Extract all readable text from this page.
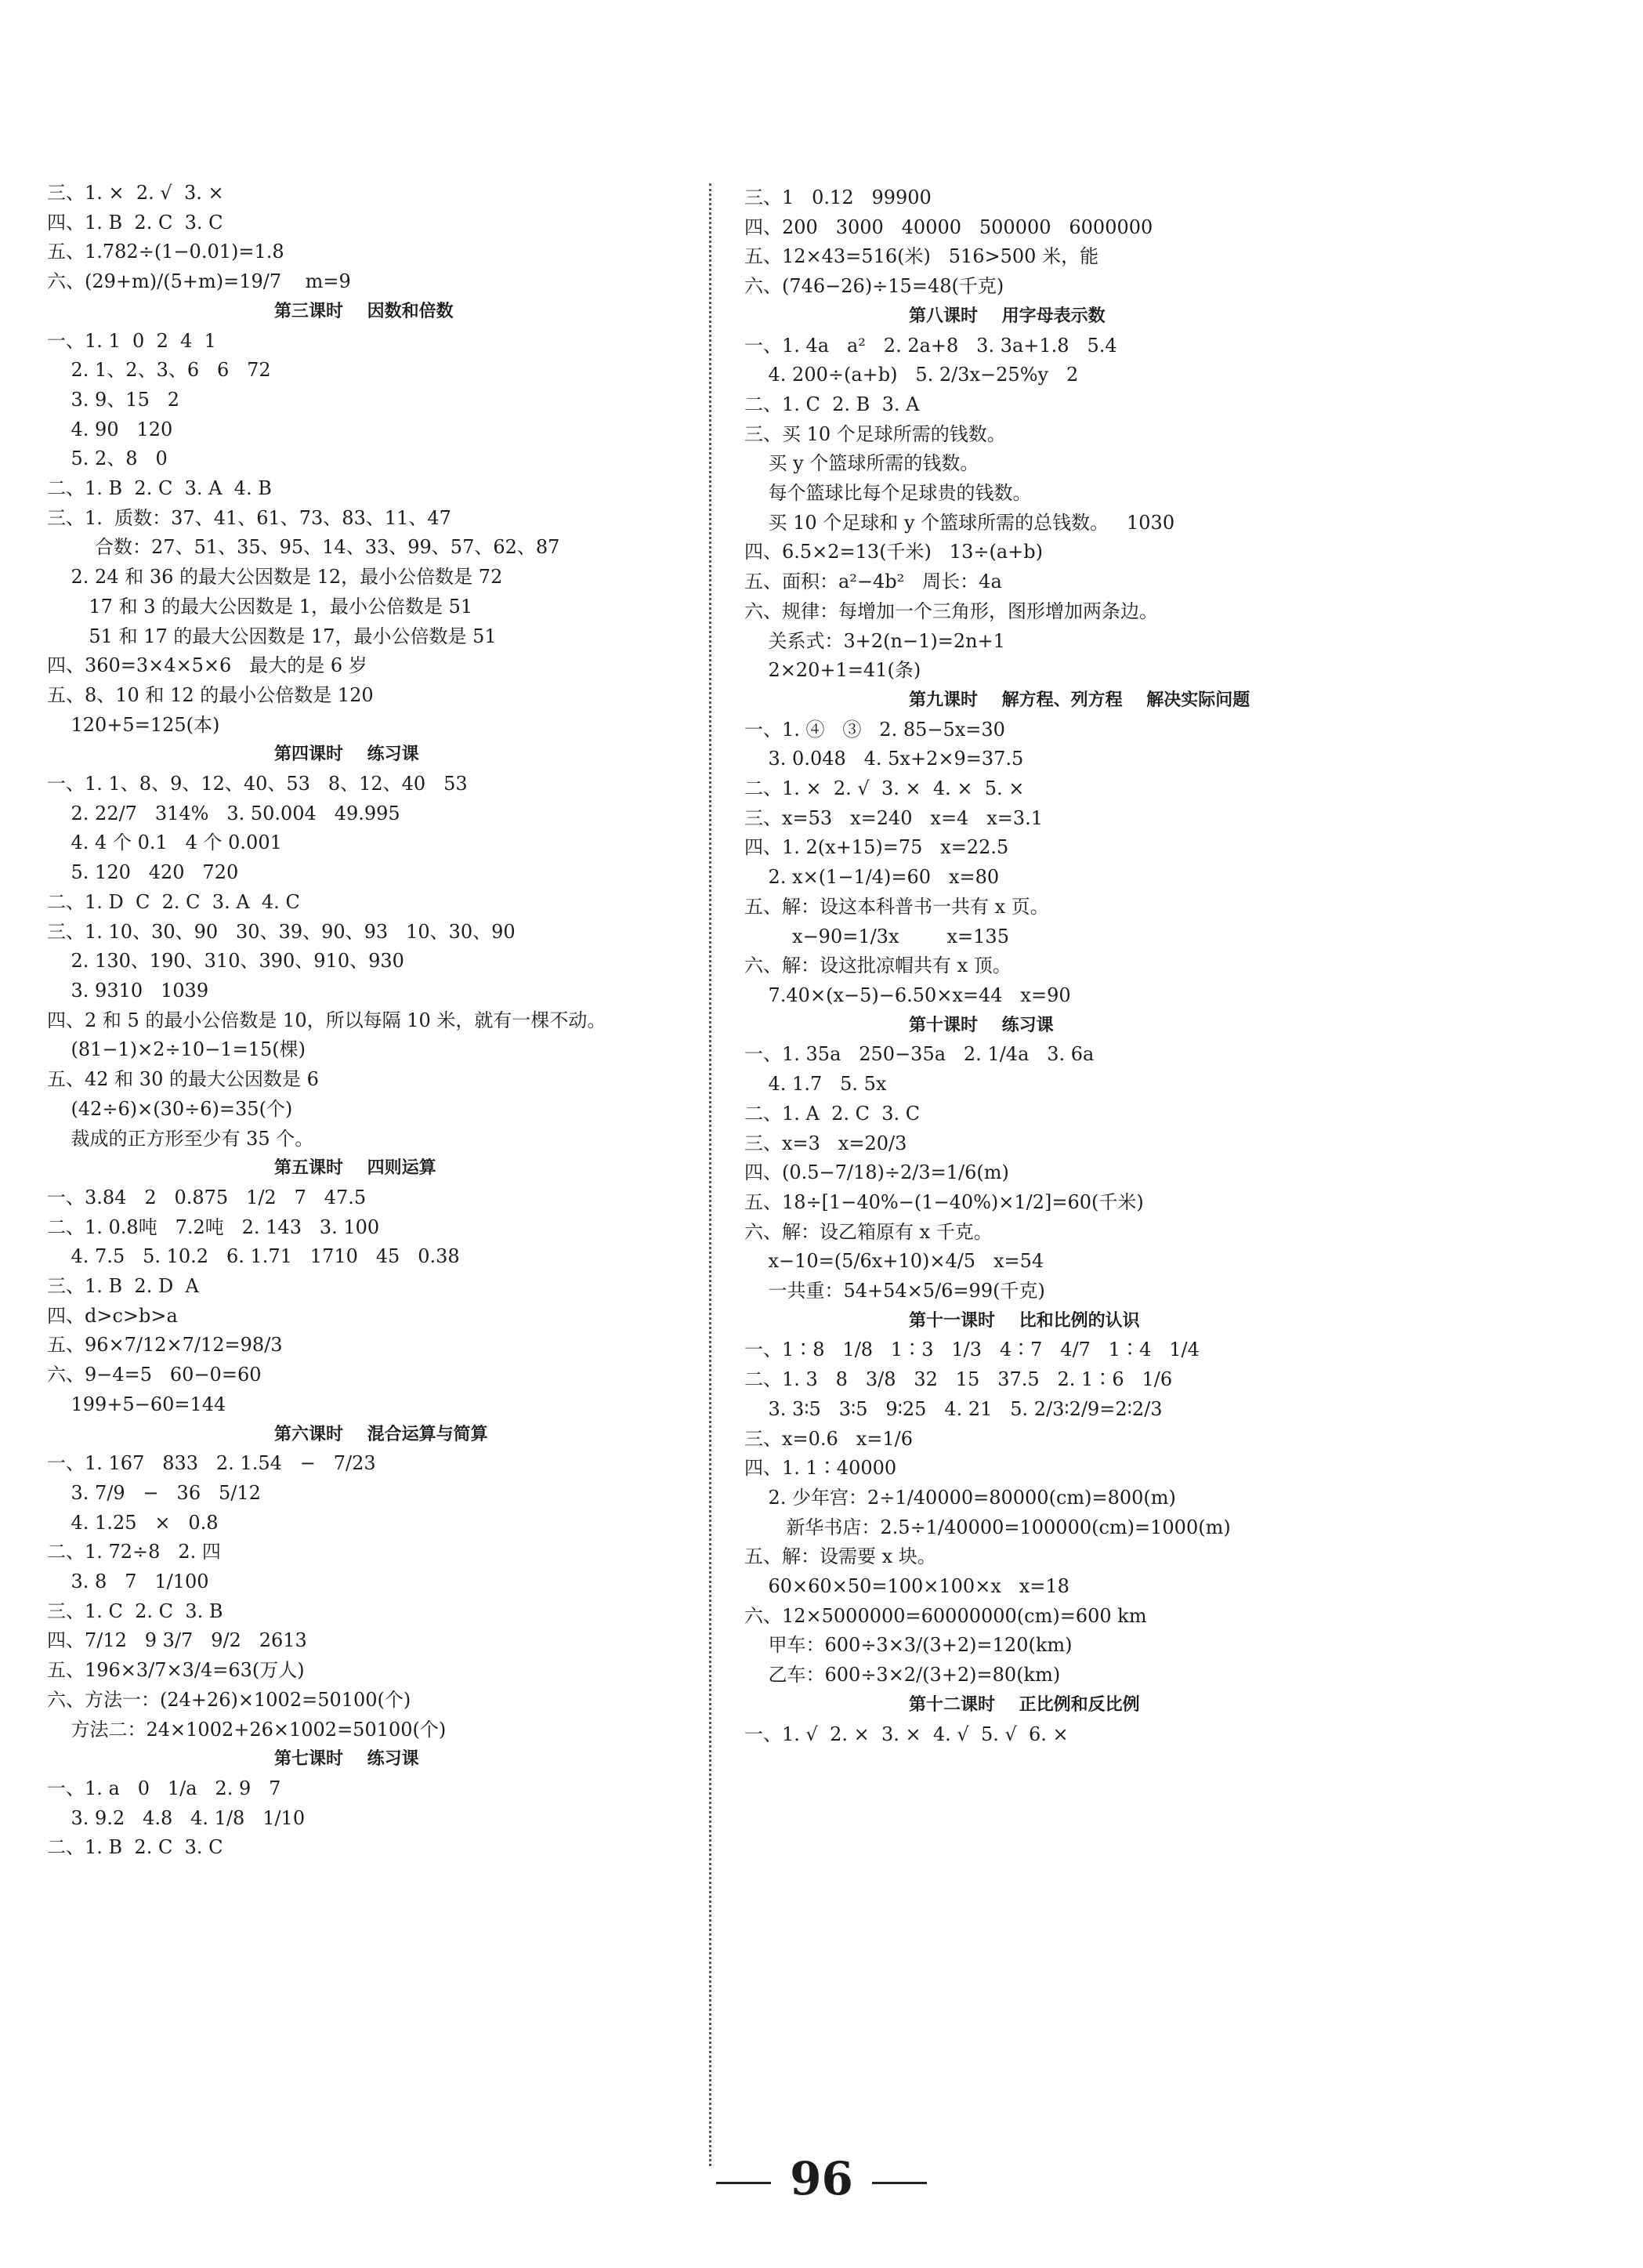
三、1. ×  2. √  3. ×
四、1. B  2. C  3. C
五、1.782÷(1−0.01)=1.8
六、(29+m)/(5+m)=19/7    m=9
第三课时    因数和倍数
一、1. 1  0  2  4  1
2. 1、2、3、6   6   72
3. 9、15   2
4. 90   120
5. 2、8   0
二、1. B  2. C  3. A  4. B
三、1.  质数：37、41、61、73、83、11、47
合数：27、51、35、95、14、33、99、57、62、87
2. 24 和 36 的最大公因数是 12，最小公倍数是 72
17 和 3 的最大公因数是 1，最小公倍数是 51
51 和 17 的最大公因数是 17，最小公倍数是 51
四、360=3×4×5×6   最大的是 6 岁
五、8、10 和 12 的最小公倍数是 120
120+5=125(本)
第四课时    练习课
一、1. 1、8、9、12、40、53   8、12、40   53
2. 22/7   314%   3. 50.004   49.995
4. 4 个 0.1   4 个 0.001
5. 120   420   720
二、1. D  C  2. C  3. A  4. C
三、1. 10、30、90   30、39、90、93   10、30、90
2. 130、190、310、390、910、930
3. 9310   1039
四、2 和 5 的最小公倍数是 10，所以每隔 10 米，就有一棵不动。
(81−1)×2÷10−1=15(棵)
五、42 和 30 的最大公因数是 6
(42÷6)×(30÷6)=35(个)
裁成的正方形至少有 35 个。
第五课时    四则运算
一、3.84   2   0.875   1/2   7   47.5
二、1. 0.8吨   7.2吨   2. 143   3. 100
4. 7.5   5. 10.2   6. 1.71   1710   45   0.38
三、1. B  2. D  A
四、d>c>b>a
五、96×7/12×7/12=98/3
六、9−4=5   60−0=60
199+5−60=144
第六课时    混合运算与简算
一、1. 167   833   2. 1.54   −   7/23
3. 7/9   −   36   5/12
4. 1.25   ×   0.8
二、1. 72÷8   2. 四
3. 8   7   1/100
三、1. C  2. C  3. B
四、7/12   9 3/7   9/2   2613
五、196×3/7×3/4=63(万人)
六、方法一：(24+26)×1002=50100(个)
方法二：24×1002+26×1002=50100(个)
第七课时    练习课
一、1. a   0   1/a   2. 9   7
3. 9.2   4.8   4. 1/8   1/10
二、1. B  2. C  3. C
三、1   0.12   99900
四、200   3000   40000   500000   6000000
五、12×43=516(米)   516>500 米，能
六、(746−26)÷15=48(千克)
第八课时    用字母表示数
一、1. 4a   a²   2. 2a+8   3. 3a+1.8   5.4
4. 200÷(a+b)   5. 2/3x−25%y   2
二、1. C  2. B  3. A
三、买 10 个足球所需的钱数。
买 y 个篮球所需的钱数。
每个篮球比每个足球贵的钱数。
买 10 个足球和 y 个篮球所需的总钱数。   1030
四、6.5×2=13(千米)   13÷(a+b)
五、面积：a²−4b²   周长：4a
六、规律：每增加一个三角形，图形增加两条边。
关系式：3+2(n−1)=2n+1
2×20+1=41(条)
第九课时    解方程、列方程    解决实际问题
一、1. ④   ③   2. 85−5x=30
3. 0.048   4. 5x+2×9=37.5
二、1. ×  2. √  3. ×  4. ×  5. ×
三、x=53   x=240   x=4   x=3.1
四、1. 2(x+15)=75   x=22.5
2. x×(1−1/4)=60   x=80
五、解：设这本科普书一共有 x 页。
x−90=1/3x        x=135
六、解：设这批凉帽共有 x 顶。
7.40×(x−5)−6.50×x=44   x=90
第十课时    练习课
一、1. 35a   250−35a   2. 1/4a   3. 6a
4. 1.7   5. 5x
二、1. A  2. C  3. C
三、x=3   x=20/3
四、(0.5−7/18)÷2/3=1/6(m)
五、18÷[1−40%−(1−40%)×1/2]=60(千米)
六、解：设乙箱原有 x 千克。
x−10=(5/6x+10)×4/5   x=54
一共重：54+54×5/6=99(千克)
第十一课时    比和比例的认识
一、1∶8   1/8   1∶3   1/3   4∶7   4/7   1∶4   1/4
二、1. 3   8   3/8   32   15   37.5   2. 1∶6   1/6
3. 3∶5   3∶5   9∶25   4. 21   5. 2/3∶2/9=2∶2/3
三、x=0.6   x=1/6
四、1. 1∶40000
2. 少年宫：2÷1/40000=80000(cm)=800(m)
新华书店：2.5÷1/40000=100000(cm)=1000(m)
五、解：设需要 x 块。
60×60×50=100×100×x   x=18
六、12×5000000=60000000(cm)=600 km
甲车：600÷3×3/(3+2)=120(km)
乙车：600÷3×2/(3+2)=80(km)
第十二课时    正比例和反比例
一、1. √  2. ×  3. ×  4. √  5. √  6. ×
96
